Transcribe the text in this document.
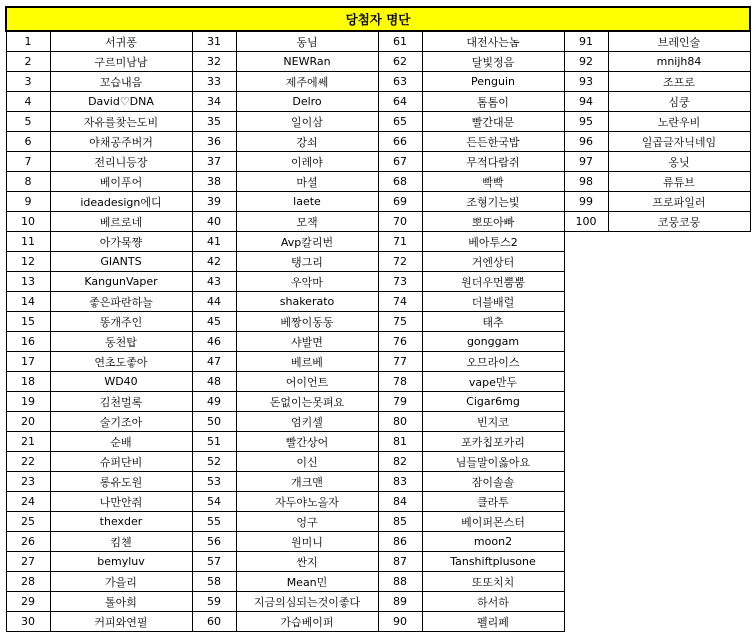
당첨자 명단							
1	서귀퐁	31	동님	61	대전사는놈	91	브레인술
2	구르미남남	32	NEWRan	62	달빛정음	92	mnijh84
3	꼬습내음	33	제주에쎄	63	Penguin	93	조프로
4	David♡DNA	34	Delro	64	톰톰이	94	심쿵
5	자유를찾는도비	35	일이삼	65	빨간대문	95	노란우비
6	야채공주버거	36	강쇠	66	든든한국밥	96	일곱글자닉네임
7	전리니등장	37	이레야	67	무적다람쥐	97	옹닛
8	베이푸어	38	마셜	68	빡빡	98	류튜브
9	ideadesign에디	39	laete	69	조형기는빛	99	프로파일러
10	베르로네	40	모잭	70	뽀또아빠	100	코뭉코뭉
11	아가묵쨩	41	Avp칼리번	71	베아투스2		
12	GIANTS	42	탱그리	72	거엔상터		
13	KangunVaper	43	우악마	73	원더우먼뿜뿜		
14	좋은파란하늘	44	shakerato	74	더블배럴		
15	똥개주인	45	베짱이동동	75	태추		
16	동천탑	46	샤발면	76	gonggam		
17	연초도좋아	47	베르베	77	오므라이스		
18	WD40	48	어이언트	78	vape만두		
19	김천멀록	49	돈없이는못펴요	79	Cigar6mg		
20	술기조아	50	엄키셀	80	빈지코		
21	순배	51	빨간상어	81	포카칩포카리		
22	슈퍼단비	52	이신	82	님들말이옳아요		
23	롱유도원	53	개크맨	83	잠이솔솔		
24	나만안줘	54	자두야노올자	84	클라투		
25	thexder	55	엉구	85	베이퍼몬스터		
26	킴첸	56	원미니	86	moon2		
27	bemyluv	57	싼지	87	Tanshiftplusone		
28	가을리	58	Mean민	88	또또치치		
29	톨아희	59	지금의심되는것이좋다	89	하서하		
30	커피와연필	60	가습베이퍼	90	펠리페		
